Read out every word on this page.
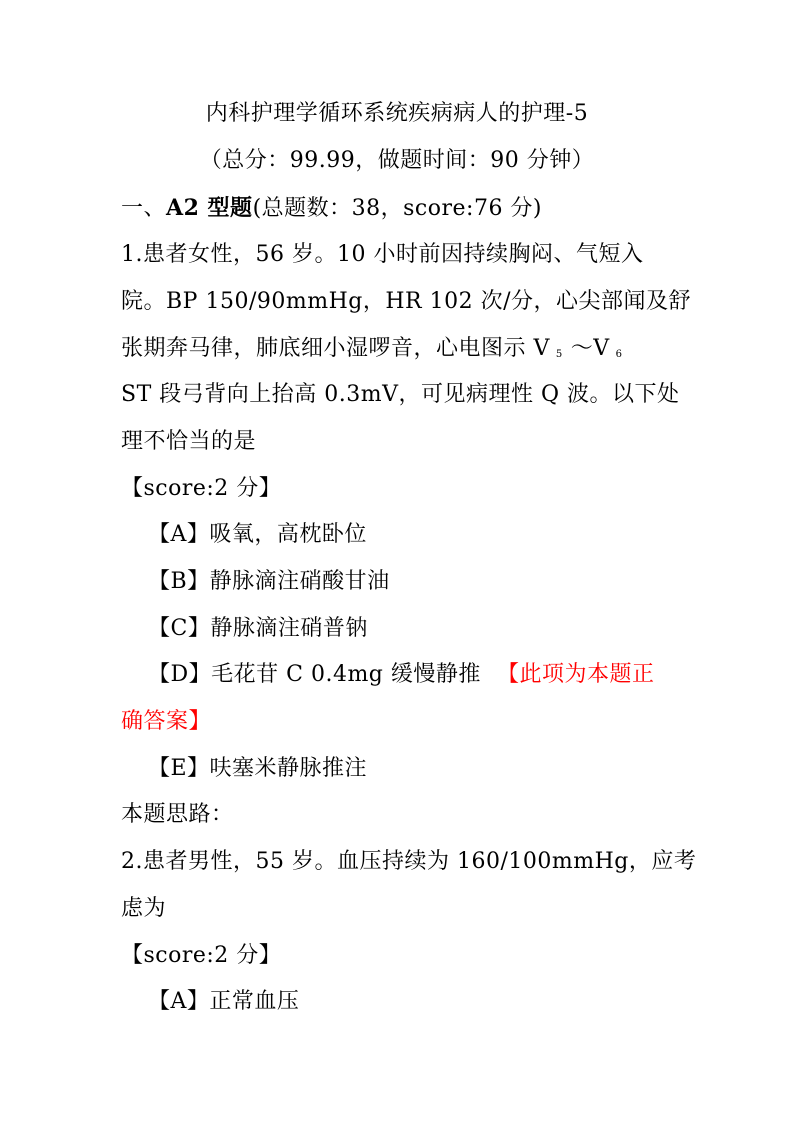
内科护理学循环系统疾病病人的护理-5
（总分：99.99，做题时间：90 分钟）
一、A2 型题(总题数：38，score:76 分)
1.患者女性，56 岁。10 小时前因持续胸闷、气短入
院。BP 150/90mmHg，HR 102 次/分，心尖部闻及舒
张期奔马律，肺底细小湿啰音，心电图示 V $_5$ ～V $_6$
ST 段弓背向上抬高 0.3mV，可见病理性 Q 波。以下处
理不恰当的是
【score:2 分】
【A】吸氧，高枕卧位
【B】静脉滴注硝酸甘油
【C】静脉滴注硝普钠
【D】毛花苷 C 0.4mg 缓慢静推 【此项为本题正
确答案】
【E】呋塞米静脉推注
本题思路：
2.患者男性，55 岁。血压持续为 160/100mmHg，应考
虑为
【score:2 分】
【A】正常血压
